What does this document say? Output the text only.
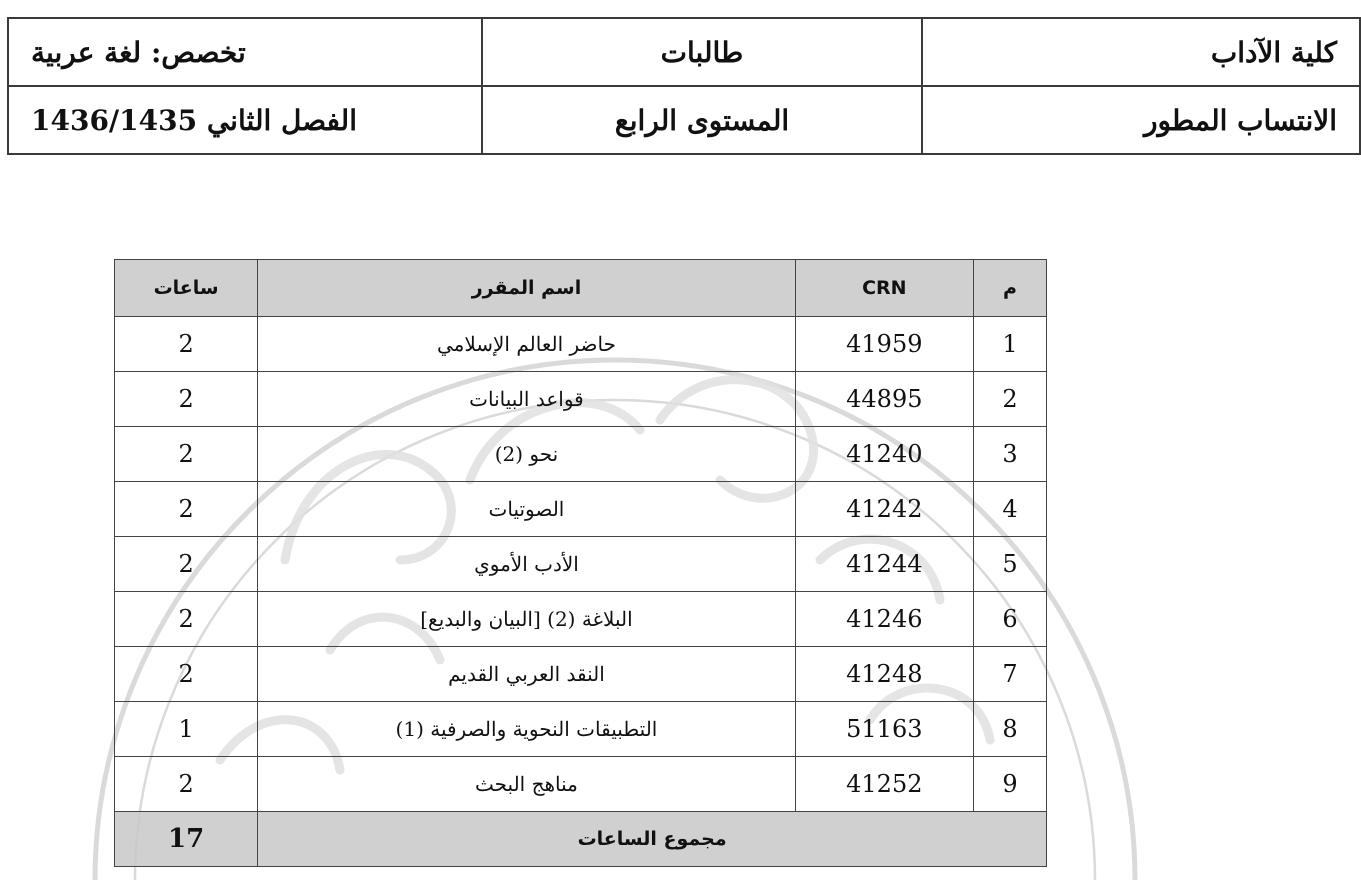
كلية الآداب	طالبات	تخصص: لغة عربية
الانتساب المطور	المستوى الرابع	الفصل الثاني 1436/1435
م	CRN	اسم المقرر	ساعات
1	41959	حاضر العالم الإسلامي	2
2	44895	قواعد البيانات	2
3	41240	نحو (2)	2
4	41242	الصوتيات	2
5	41244	الأدب الأموي	2
6	41246	البلاغة (2) [البيان والبديع]	2
7	41248	النقد العربي القديم	2
8	51163	التطبيقات النحوية والصرفية (1)	1
9	41252	مناهج البحث	2
مجموع الساعات			17
